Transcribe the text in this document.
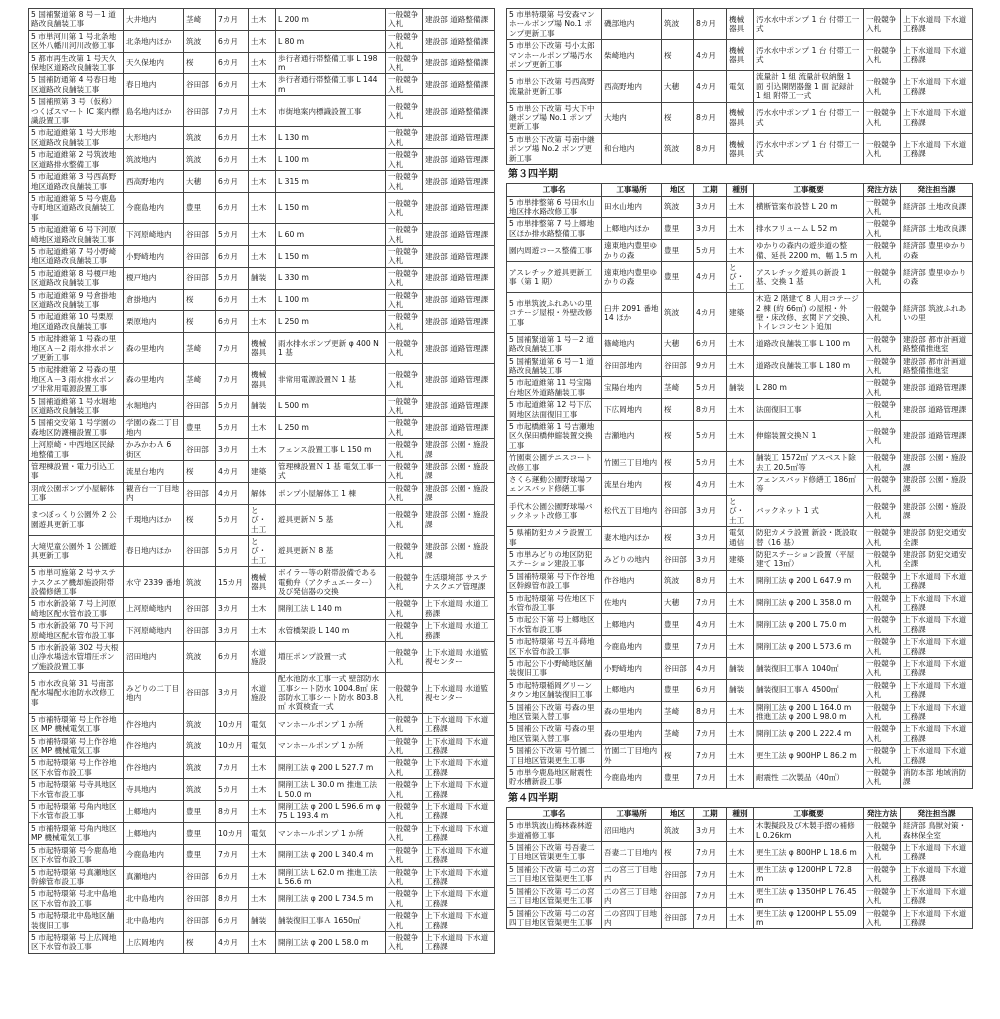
5 国補緊道第 8 号－1 道路改良舗装工事	大井地内	茎崎	7カ月	土木	L 200 m	一般競争入札	建設部 道路整備課
5 市単河川第 1 号北条地区外八幡川河川改修工事	北条地内ほか	筑波	6カ月	土木	L 80 m	一般競争入札	建設部 道路整備課
5 都市再生改第 1 号天久保地区道路改良舗装工事	天久保地内	桜	6カ月	土木	歩行者通行帯整備工事 L 198 m	一般競争入札	建設部 道路整備課
5 国補防通第 4 号春日地区道路改良舗装工事	春日地内	谷田部	6カ月	土木	歩行者通行帯整備工事 L 144 m	一般競争入札	建設部 道路整備課
5 国補照第 3 号（仮称）つくばスマート IC 案内標識設置工事	島名地内ほか	谷田部	7カ月	土木	市街地案内標識設置工事	一般競争入札	建設部 道路整備課
5 市起道維第 1 号大形地区道路改良舗装工事	大形地内	筑波	6カ月	土木	L 130 m	一般競争入札	建設部 道路管理課
5 市起道維第 2 号筑波地区道路排水整備工事	筑波地内	筑波	6カ月	土木	L 100 m	一般競争入札	建設部 道路管理課
5 市起道維第 3 号西高野地区道路改良舗装工事	西高野地内	大穂	6カ月	土木	L 315 m	一般競争入札	建設部 道路管理課
5 市起道維第 5 号今鹿島寺町地区道路改良舗装工事	今鹿島地内	豊里	6カ月	土木	L 150 m	一般競争入札	建設部 道路管理課
5 市起道維第 6 号下河原崎地区道路改良舗装工事	下河原崎地内	谷田部	5カ月	土木	L 60 m	一般競争入札	建設部 道路管理課
5 市起道維第 7 号小野崎地区道路改良舗装工事	小野崎地内	谷田部	6カ月	土木	L 150 m	一般競争入札	建設部 道路管理課
5 市起道維第 8 号榎戸地区道路改良舗装工事	榎戸地内	谷田部	5カ月	舗装	L 330 m	一般競争入札	建設部 道路管理課
5 市起道維第 9 号倉掛地区道路改良舗装工事	倉掛地内	桜	6カ月	土木	L 100 m	一般競争入札	建設部 道路管理課
5 市起道維第 10 号栗原地区道路改良舗装工事	栗原地内	桜	6カ月	土木	L 250 m	一般競争入札	建設部 道路管理課
5 市起排維第 1 号森の里地区Ａ－2 雨水排水ポンプ更新工事	森の里地内	茎崎	7カ月	機械器具	雨水排水ポンプ更新 φ 400 N 1 基	一般競争入札	建設部 道路管理課
5 市起排維第 2 号森の里地区Ａ－3 雨水排水ポンプ非常用電源設置工事	森の里地内	茎崎	7カ月	機械器具	非常用電源設置Ｎ 1 基	一般競争入札	建設部 道路管理課
5 国補道維第 1 号水堀地区道路改良舗装工事	水堀地内	谷田部	5カ月	舗装	L 500 m	一般競争入札	建設部 道路管理課
5 国補交安第 1 号学園の森地区防護柵設置工事	学園の森二丁目地内	豊里	5カ月	土木	L 250 m	一般競争入札	建設部 道路管理課
上河原崎・中西地区民緑地整備工事	かみかわＡ 6 街区	谷田部	3カ月	土木	フェンス設置工事 L 150 m	一般競争入札	建設部 公園・施設課
管理棟設置・電力引込工事	流星台地内	桜	4カ月	建築	管理棟設置Ｎ 1 基 電気工事一式	一般競争入札	建設部 公園・施設課
羽成公園ポンプ小屋解体工事	観音台一丁目地内	谷田部	4カ月	解体	ポンプ小屋解体工 1 棟	一般競争入札	建設部 公園・施設課
まつぼっくり公園外 2 公園遊具更新工事	千現地内ほか	桜	5カ月	とび・土工	遊具更新Ｎ 5 基	一般競争入札	建設部 公園・施設課
大境児童公園外 1 公園遊具更新工事	春日地内ほか	谷田部	5カ月	とび・土工	遊具更新Ｎ 8 基	一般競争入札	建設部 公園・施設課
5 市単可施第 2 号サステナスクエア機却施設附帯設備修繕工事	水守 2339 番地	筑波	15カ月	機械器具	ボイラー等の附帯設備である電動弁（アクチュエーター）及び発信器の交換	一般競争入札	生活環境部 サステナスクエア管理課
5 市水新設第 7 号上河原崎地区配水管布設工事	上河原崎地内	谷田部	3カ月	土木	開削工法 L 140 m	一般競争入札	上下水道局 水道工務課
5 市水新設第 70 号下河原崎地区配水管布設工事	下河原崎地内	谷田部	3カ月	土木	水管橋架設 L 140 m	一般競争入札	上下水道局 水道工務課
5 市水新設第 302 号大根山浄水場送水管増圧ポンプ施設設置工事	沼田地内	筑波	6カ月	水道施設	増圧ポンプ設置一式	一般競争入札	上下水道局 水道監視センター
5 市水改良第 31 号南部配水場配水池防水改修工事	みどりの二丁目地内	谷田部	3カ月	水道施設	配水池防水工事一式 壁部防水工事シート防水 1004.8㎡ 床部防水工事シート防水 803.8㎡ 水質検査一式	一般競争入札	上下水道局 水道監視センター
5 市補特環第 号上作谷地区 MP 機械電気工事	作谷地内	筑波	10カ月	電気	マンホールポンプ 1 か所	一般競争入札	上下水道局 下水道工務課
5 市補特環第 号上作谷地区 MP 機械電気工事	作谷地内	筑波	10カ月	電気	マンホールポンプ 1 か所	一般競争入札	上下水道局 下水道工務課
5 市起特環第 号上作谷地区下水管布設工事	作谷地内	筑波	7カ月	土木	開削工法 φ 200 L 527.7 m	一般競争入札	上下水道局 下水道工務課
5 市起特環第 号寺具地区下水管布設工事	寺具地内	筑波	5カ月	土木	開削工法 L 30.0 m 推進工法 L 50.0 m	一般競争入札	上下水道局 下水道工務課
5 市起特環第 号角内地区下水管布設工事	上郷地内	豊里	8カ月	土木	開削工法 φ 200 L 596.6 m φ 75 L 193.4 m	一般競争入札	上下水道局 下水道工務課
5 市補特環第 号角内地区 MP 機械電気工事	上郷地内	豊里	10カ月	電気	マンホールポンプ 1 か所	一般競争入札	上下水道局 下水道工務課
5 市起特環第 号今鹿島地区下水管布設工事	今鹿島地内	豊里	7カ月	土木	開削工法 φ 200 L 340.4 m	一般競争入札	上下水道局 下水道工務課
5 市起特環第 号真瀬地区幹線管布設工事	真瀬地内	谷田部	6カ月	土木	開削工法 L 62.0 m 推進工法 L 56.6 m	一般競争入札	上下水道局 下水道工務課
5 市起特環第 号北中島地区下水管布設工事	北中島地内	谷田部	8カ月	土木	開削工法 φ 200 L 734.5 m	一般競争入札	上下水道局 下水道工務課
5 市起特環北中島地区舗装復旧工事	北中島地内	谷田部	6カ月	舗装	舗装復旧工事Ａ 1650㎡	一般競争入札	上下水道局 下水道工務課
5 市起特環第 号上広岡地区下水管布設工事	上広岡地内	桜	4カ月	土木	開削工法 φ 200 L 58.0 m	一般競争入札	上下水道局 下水道工務課
5 市単特環第 号安森マンホールポンプ場 No.1 ポンプ更新工事	磯部地内	筑波	8カ月	機械器具	汚水水中ポンプ 1 台 付帯工一式	一般競争入札	上下水道局 下水道工務課
5 市単公下改第 号小太郎マンホールポンプ場汚水ポンプ更新工事	柴崎地内	桜	4カ月	機械器具	汚水水中ポンプ 1 台 付帯工一式	一般競争入札	上下水道局 下水道工務課
5 市単公下改第 号西高野流量計更新工事	西高野地内	大穂	4カ月	電気	流量計 1 組 流量計収納盤 1 面 引込開閉器盤 1 面 記録計 1 組 附帯工一式	一般競争入札	上下水道局 下水道工務課
5 市単公下改第 号大下中継ポンプ場 No.1 ポンプ更新工事	大地内	桜	8カ月	機械器具	汚水水中ポンプ 1 台 付帯工一式	一般競争入札	上下水道局 下水道工務課
5 市単公下改第 号南中継ポンプ場 No.2 ポンプ更新工事	和台地内	筑波	8カ月	機械器具	汚水水中ポンプ 1 台 付帯工一式	一般競争入札	上下水道局 下水道工務課
第３四半期
工事名	工事場所	地区	工期	種別	工事概要	発注方法	発注担当課
5 市単排整第 6 号田水山地区排水路改修工事	田水山地内	筑波	3カ月	土木	横断管案布設替 L 20 m	一般競争入札	経済部 土地改良課
5 市単排整第 7 号上郷地区ほか排水路整備工事	上郷地内ほか	豊里	3カ月	土木	排水フリューム L 52 m	一般競争入札	経済部 土地改良課
園内周遊コース整備工事	遠東地内豊里ゆかりの森	豊里	5カ月	土木	ゆかりの森内の遊歩道の整備、延長 2200 m、幅 1.5 m	一般競争入札	経済部 豊里ゆかりの森
アスレチック遊具更新工事（第 1 期）	遠東地内豊里ゆかりの森	豊里	4カ月	とび・土工	アスレチック遊具の新設 1 基、交換 1 基	一般競争入札	経済部 豊里ゆかりの森
5 市単筑波ふれあいの里コテージ屋根・外壁改修工事	臼井 2091 番地 14 ほか	筑波	4カ月	建築	木造 2 階建て 8 人用コテージ 2 棟 (約 66㎡) の屋根・外壁・床改修、玄関ドア交換、トイレコンセント追加	一般競争入札	経済部 筑波ふれあいの里
5 国補緊道第 1 号－2 道路改良舗装工事	篠崎地内	大穂	6カ月	土木	道路改良舗装工事 L 100 m	一般競争入札	建設部 都市計画道路整備推進室
5 国補緊道第 6 号－1 道路改良舗装工事	谷田部地内	谷田部	9カ月	土木	道路改良舗装工事 L 180 m	一般競争入札	建設部 都市計画道路整備推進室
5 市起道維第 11 号宝陽台地区外道路舗装工事	宝陽台地内	茎崎	5カ月	舗装	L 280 m	一般競争入札	建設部 道路管理課
5 市起道維第 12 号下広岡地区法面復旧工事	下広岡地内	桜	8カ月	土木	法面復旧工事	一般競争入札	建設部 道路管理課
5 市起橋維第 1 号吉瀬地区久保田橋伸縮装置交換工事	吉瀬地内	桜	5カ月	土木	伸縮装置交換Ｎ 1	一般競争入札	建設部 道路管理課
竹園東公園テニスコート改修工事	竹園三丁目地内	桜	5カ月	土木	舗装工 1572㎡ アスベスト除去工 20.5㎡等	一般競争入札	建設部 公園・施設課
さくら運動公園野球場フェンスバッド修繕工事	流星台地内	桜	4カ月	土木	フェンスバッド修繕工 186㎡等	一般競争入札	建設部 公園・施設課
手代木公園公園野球場バックネット改修工事	松代五丁目地内	谷田部	3カ月	とび・土工	バックネット 1 式	一般競争入札	建設部 公園・施設課
5 県補防犯カメラ設置工事	妻木地内ほか	桜	3カ月	電気通信	防犯カメラ設置 新設・既設取替（16 基）	一般競争入札	建設部 防犯交通安全課
5 市単みどりの地区防犯ステーション建設工事	みどりの地内	谷田部	3カ月	建築	防犯ステーション設置（平屋建て 13㎡）	一般競争入札	建設部 防犯交通安全課
5 国補特環第 号下作谷地区幹線管布設工事	作谷地内	筑波	8カ月	土木	開削工法 φ 200 L 647.9 m	一般競争入札	上下水道局 下水道工務課
5 市起特環第 号佐地区下水管布設工事	佐地内	大穂	7カ月	土木	開削工法 φ 200 L 358.0 m	一般競争入札	上下水道局 下水道工務課
5 市起公下第 号上郷地区下水管布設工事	上郷地内	豊里	4カ月	土木	開削工法 φ 200 L 75.0 m	一般競争入札	上下水道局 下水道工務課
5 市起特環第 号五斗蒔地区下水管布設工事	今鹿島地内	豊里	7カ月	土木	開削工法 φ 200 L 573.6 m	一般競争入札	上下水道局 下水道工務課
5 市起公下小野崎地区舗装復旧工事	小野崎地内	谷田部	4カ月	舗装	舗装復旧工事Ａ 1040㎡	一般競争入札	上下水道局 下水道工務課
5 市起特環稲岡グリーンタウン地区舗装復旧工事	上郷地内	豊里	6カ月	舗装	舗装復旧工事Ａ 4500㎡	一般競争入札	上下水道局 下水道工務課
5 国補公下改第 号森の里地区管渠入替工事	森の里地内	茎崎	8カ月	土木	開削工法 φ 200 L 164.0 m 推進工法 φ 200 L 98.0 m	一般競争入札	上下水道局 下水道工務課
5 国補公下改第 号森の里地区管渠入替工事	森の里地内	茎崎	7カ月	土木	開削工法 φ 200 L 222.4 m	一般競争入札	上下水道局 下水道工務課
5 国補公下改第 号竹園二丁目地区管渠更生工事	竹園二丁目地内外	桜	7カ月	土木	更生工法 φ 900HP L 86.2 m	一般競争入札	上下水道局 下水道工務課
5 市単今鹿島地区耐震性貯水槽新設工事	今鹿島地内	豊里	7カ月	土木	耐震性 二次製品（40㎥）	一般競争入札	消防本部 地域消防課
第４四半期
工事名	工事場所	地区	工期	種別	工事概要	発注方法	発注担当課
5 市単筑波山梅林森林遊歩道補修工事	沼田地内	筑波	3カ月	土木	木製擬段及び木製手摺の補修 L 0.26km	一般競争入札	経済部 鳥獣対策・森林保全室
5 国補公下改第 号吾妻二丁目地区管渠更生工事	吾妻二丁目地内	桜	7カ月	土木	更生工法 φ 800HP L 18.6 m	一般競争入札	上下水道局 下水道工務課
5 国補公下改第 号二の宮三丁目地区管渠更生工事	二の宮三丁目地内	谷田部	7カ月	土木	更生工法 φ 1200HP L 72.8 m	一般競争入札	上下水道局 下水道工務課
5 国補公下改第 号二の宮三丁目地区管渠更生工事	二の宮三丁目地内	谷田部	7カ月	土木	更生工法 φ 1350HP L 76.45 m	一般競争入札	上下水道局 下水道工務課
5 国補公下改第 号二の宮四丁目地区管渠更生工事	二の宮四丁目地内	谷田部	7カ月	土木	更生工法 φ 1200HP L 55.09 m	一般競争入札	上下水道局 下水道工務課
